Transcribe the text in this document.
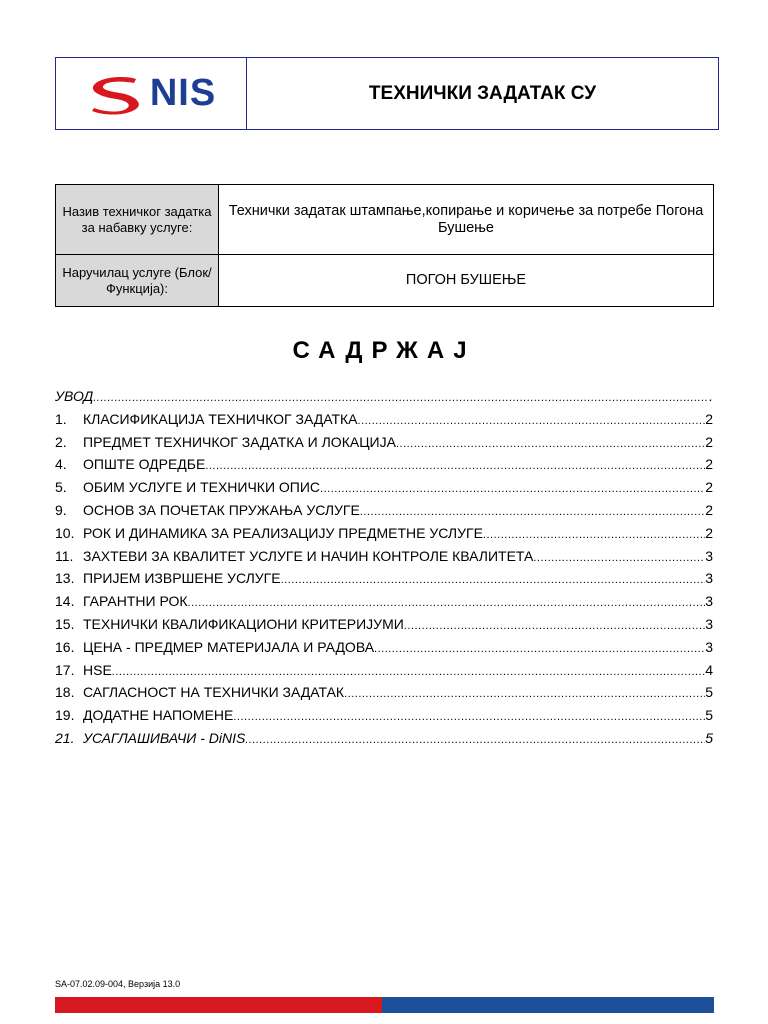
NIS	ТЕХНИЧКИ ЗАДАТАК СУ
Назив техничког задатка за набавку услуге:	Технички задатак штампање,копирање и коричење за потребе Погона Бушење
Наручилац услуге (Блок/Функција):	ПОГОН БУШЕЊЕ
САДРЖАЈ
УВОД .....	.
1.	КЛАСИФИКАЦИЈА ТЕХНИЧКОГ ЗАДАТКА .....	2
2.	ПРЕДМЕТ ТЕХНИЧКОГ ЗАДАТКА И ЛОКАЦИЈА .....	2
4.	ОПШТЕ ОДРЕДБЕ .....	2
5.	ОБИМ УСЛУГЕ И ТЕХНИЧКИ ОПИС .....	2
9.	ОСНОВ ЗА ПОЧЕТАК ПРУЖАЊА УСЛУГЕ .....	2
10. РОК И ДИНАМИКА ЗА РЕАЛИЗАЦИЈУ ПРЕДМЕТНЕ УСЛУГЕ .....	2
11. ЗАХТЕВИ ЗА КВАЛИТЕТ УСЛУГЕ И НАЧИН КОНТРОЛЕ КВАЛИТЕТА .....	3
13. ПРИЈЕМ ИЗВРШЕНЕ УСЛУГЕ .....	3
14. ГАРАНТНИ РОК .....	3
15. ТЕХНИЧКИ КВАЛИФИКАЦИОНИ КРИТЕРИЈУМИ .....	3
16. ЦЕНА - ПРЕДМЕР МАТЕРИЈАЛА И РАДОВА .....	3
17. HSE .....	4
18. САГЛАСНОСТ НА ТЕХНИЧКИ ЗАДАТАК .....	5
19. ДОДАТНЕ НАПОМЕНЕ .....	5
21. УСАГЛАШИВАЧИ - DiNIS .....	5
SA-07.02.09-004, Верзија 13.0
